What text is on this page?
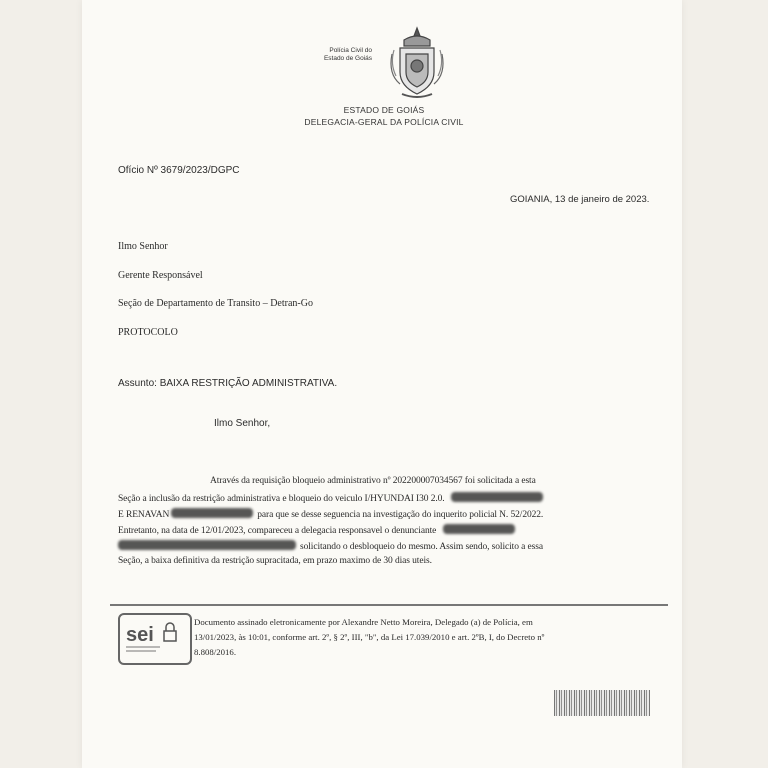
Polícia Civil do Estado de Goiás
ESTADO DE GOIÁS
DELEGACIA-GERAL DA POLÍCIA CIVIL
Ofício Nº 3679/2023/DGPC
GOIANIA, 13 de janeiro de 2023.
Ilmo Senhor
Gerente Responsável
Seção de Departamento de Transito – Detran-Go
PROTOCOLO
Assunto: BAIXA RESTRIÇÃO ADMINISTRATIVA.
Ilmo Senhor,
Através da requisição bloqueio administrativo nº 202200007034567 foi solicitada a esta
Seção a inclusão da restrição administrativa e bloqueio do veiculo I/HYUNDAI I30 2.0.
E RENAVAN	para que se desse seguencia na investigação do inquerito policial N. 52/2022.
Entretanto, na data de 12/01/2023, compareceu a delegacia responsavel o denunciante
solicitando o desbloqueio do mesmo. Assim sendo, solicito a essa
Seção, a baixa definitiva da restrição supracitada, em prazo maximo de 30 dias uteis.
sei
Documento assinado eletronicamente por Alexandre Netto Moreira, Delegado (a) de Polícia, em
13/01/2023, às 10:01, conforme art. 2º, § 2º, III, "b", da Lei 17.039/2010 e art. 2ºB, I, do Decreto nº
8.808/2016.
